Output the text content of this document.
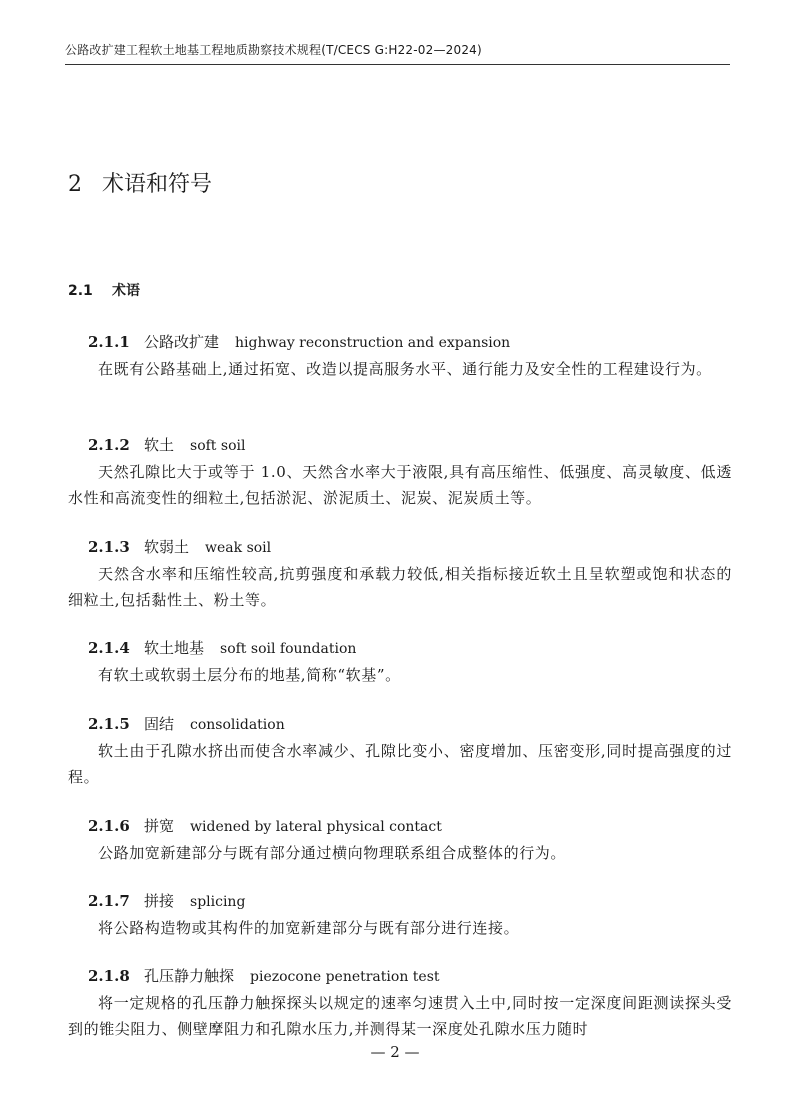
公路改扩建工程软土地基工程地质勘察技术规程(T/CECS G:H22-02—2024)
2 术语和符号
2.1 术语
2.1.1 公路改扩建 highway reconstruction and expansion
在既有公路基础上,通过拓宽、改造以提高服务水平、通行能力及安全性的工程建设行为。
2.1.2 软土 soft soil
天然孔隙比大于或等于 1.0、天然含水率大于液限,具有高压缩性、低强度、高灵敏度、低透水性和高流变性的细粒土,包括淤泥、淤泥质土、泥炭、泥炭质土等。
2.1.3 软弱土 weak soil
天然含水率和压缩性较高,抗剪强度和承载力较低,相关指标接近软土且呈软塑或饱和状态的细粒土,包括黏性土、粉土等。
2.1.4 软土地基 soft soil foundation
有软土或软弱土层分布的地基,简称“软基”。
2.1.5 固结 consolidation
软土由于孔隙水挤出而使含水率减少、孔隙比变小、密度增加、压密变形,同时提高强度的过程。
2.1.6 拼宽 widened by lateral physical contact
公路加宽新建部分与既有部分通过横向物理联系组合成整体的行为。
2.1.7 拼接 splicing
将公路构造物或其构件的加宽新建部分与既有部分进行连接。
2.1.8 孔压静力触探 piezocone penetration test
将一定规格的孔压静力触探探头以规定的速率匀速贯入土中,同时按一定深度间距测读探头受到的锥尖阻力、侧壁摩阻力和孔隙水压力,并测得某一深度处孔隙水压力随时
— 2 —
